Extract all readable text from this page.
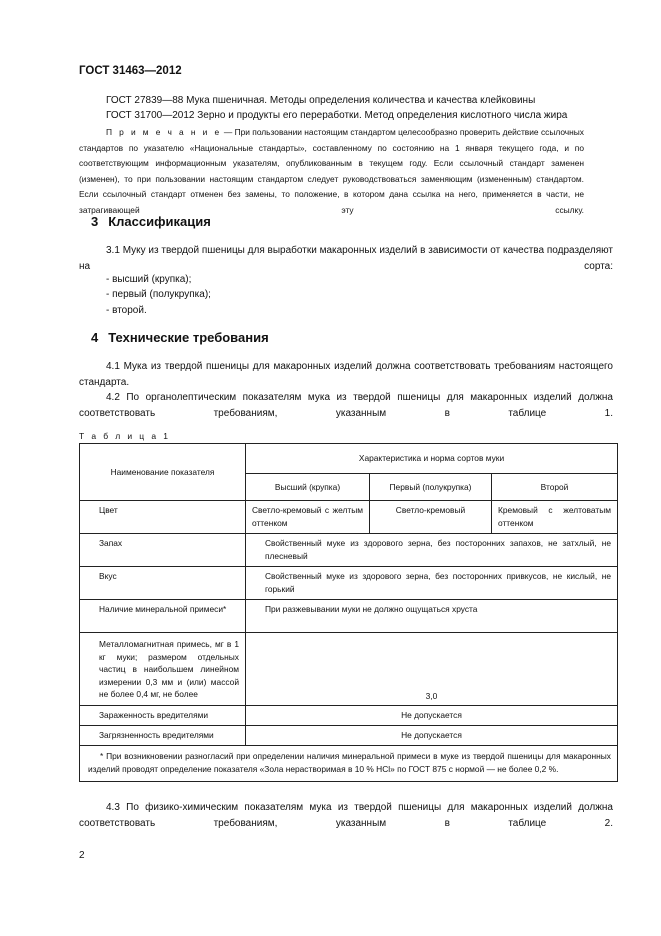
ГОСТ 31463—2012
ГОСТ 27839—88 Мука пшеничная. Методы определения количества и качества клейковины
ГОСТ 31700—2012 Зерно и продукты его переработки. Метод определения кислотного числа жира
П р и м е ч а н и е — При пользовании настоящим стандартом целесообразно проверить действие ссылочных стандартов по указателю «Национальные стандарты», составленному по состоянию на 1 января текущего года, и по соответствующим информационным указателям, опубликованным в текущем году. Если ссылочный стандарт заменен (изменен), то при пользовании настоящим стандартом следует руководствоваться заменяющим (измененным) стандартом. Если ссылочный стандарт отменен без замены, то положение, в котором дана ссылка на него, применяется в части, не затрагивающей эту ссылку.
3 Классификация
3.1 Муку из твердой пшеницы для выработки макаронных изделий в зависимости от качества подразделяют на сорта:
- высший (крупка);
- первый (полукрупка);
- второй.
4 Технические требования
4.1 Мука из твердой пшеницы для макаронных изделий должна соответствовать требованиям настоящего стандарта.
4.2 По органолептическим показателям мука из твердой пшеницы для макаронных изделий должна соответствовать требованиям, указанным в таблице 1.
Т а б л и ц а 1
Наименование показателя	Характеристика и норма сортов муки		
	Высший (крупка)	Первый (полукрупка)	Второй
Цвет	Светло-кремовый с желтым оттенком	Светло-кремовый	Кремовый с желтоватым оттенком
Запах	Свойственный муке из здорового зерна, без посторонних запахов, не затхлый, не плесневый		
Вкус	Свойственный муке из здорового зерна, без посторонних привкусов, не кислый, не горький		
Наличие минеральной примеси*	При разжевывании муки не должно ощущаться хруста		
Металломагнитная примесь, мг в 1 кг муки; размером отдельных частиц в наибольшем линейном измерении 0,3 мм и (или) массой не более 0,4 мг, не более	3,0		
Зараженность вредителями	Не допускается		
Загрязненность вредителями	Не допускается		
* При возникновении разногласий при определении наличия минеральной примеси в муке из твердой пшеницы для макаронных изделий проводят определение показателя «Зола нерастворимая в 10 % HCl» по ГОСТ 875 с нормой — не более 0,2 %.			
4.3 По физико-химическим показателям мука из твердой пшеницы для макаронных изделий должна соответствовать требованиям, указанным в таблице 2.
2
